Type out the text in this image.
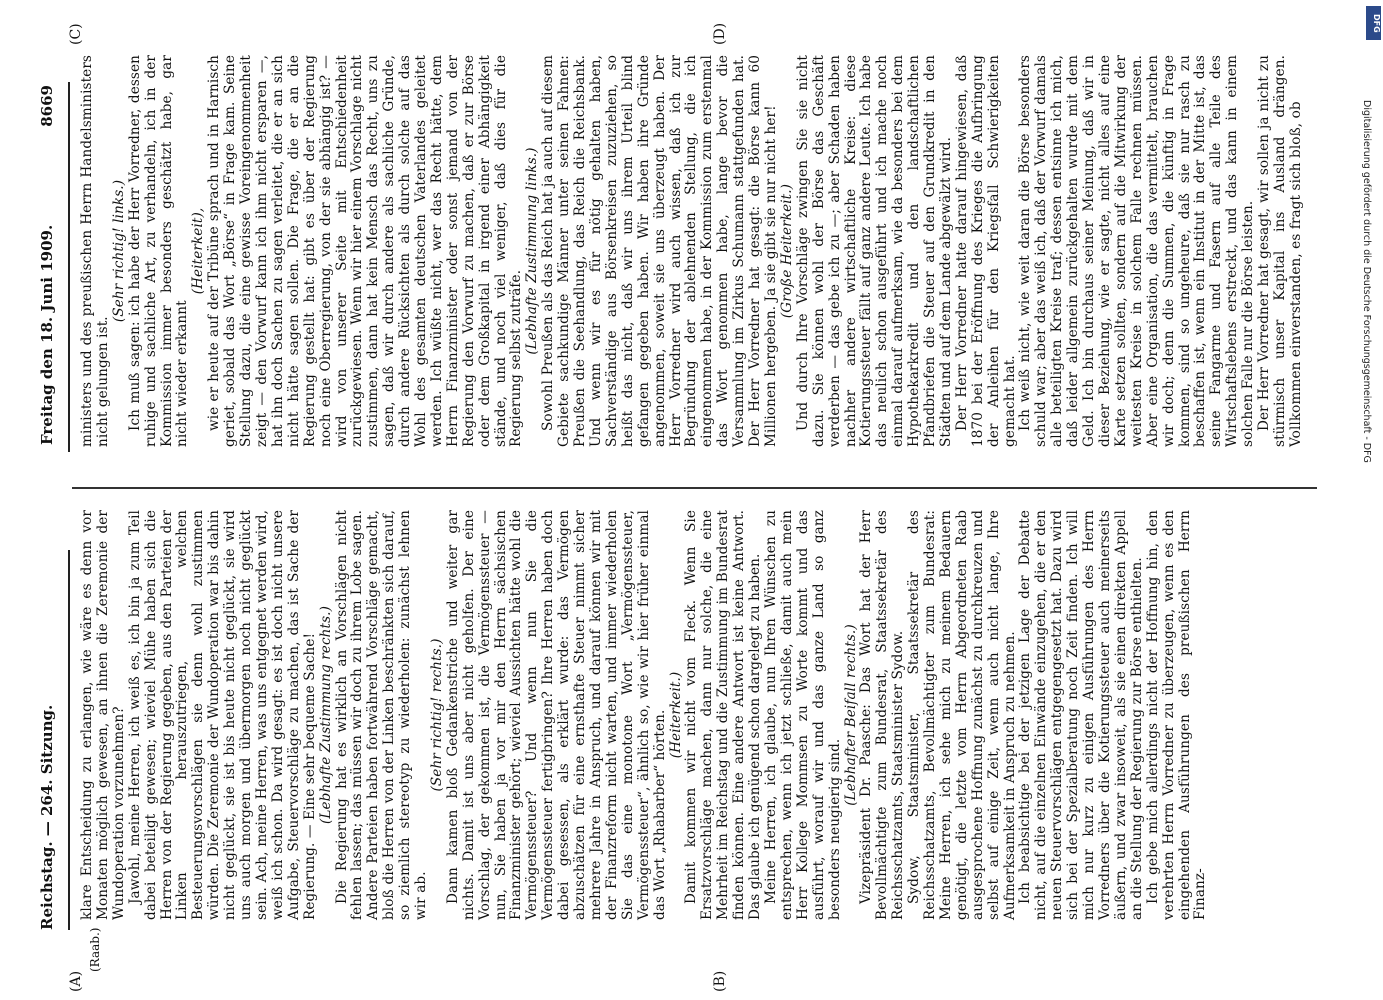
Reichstag. — 264. Sitzung.
Freitag den 18. Juni 1909.
8669
(A)	(B)
(C)	(D)
(Raab.)

klare Entscheidung zu erlangen, wie wäre es denn vor Monaten möglich gewesen, an ihnen die Zeremonie der Wundoperation vorzunehmen? Jawohl, meine Herren, ich weiß es, ich bin ja zum Teil dabei beteiligt gewesen; wieviel Mühe haben sich die Herren von der Regierung gegeben, aus den Parteien der Linken herauszutriegen, welchen Besteuerungsvorschlägen sie denn wohl zustimmen würden. Die Zeremonie der Wundoperation war bis dahin nicht geglückt, sie ist bis heute nicht geglückt, sie wird uns auch morgen und übermorgen noch nicht geglückt sein. Ach, meine Herren, was uns entgegnet werden wird, weiß ich schon. Da wird gesagt: es ist doch nicht unsere Aufgabe, Steuervorschläge zu machen, das ist Sache der Regierung. — Eine sehr bequeme Sache! (Lebhafte Zustimmung rechts.) Die Regierung hat es wirklich an Vorschlägen nicht fehlen lassen; das müssen wir doch zu ihrem Lobe sagen. Andere Parteien haben fortwährend Vorschläge gemacht, bloß die Herren von der Linken beschränkten sich darauf, so ziemlich stereotyp zu wiederholen: zunächst lehnen wir ab.

(Sehr richtig! rechts.) Dann kamen bloß Gedankenstriche und weiter gar nichts. Damit ist uns aber nicht geholfen. Der eine Vorschlag, der gekommen ist, die Vermögenssteuer — nun, Sie haben ja vor mir den Herrn sächsischen Finanzminister gehört; wieviel Aussichten hätte wohl die Vermögenssteuer? Und wenn nun Sie die Vermögenssteuer fertigbringen? Ihre Herren haben doch dabei gesessen, als erklärt wurde: das Vermögen abzuschätzen für eine ernsthafte Steuer nimmt sicher mehrere Jahre in Anspruch, und darauf können wir mit der Finanzreform nicht warten, und immer wiederholen Sie das eine monotone Wort „Vermögenssteuer, Vermögenssteuer“, ähnlich so, wie wir hier früher einmal das Wort „Rhabarber“ hörten. (Heiterkeit.) Damit kommen wir nicht vom Fleck. Wenn Sie Ersatzvorschläge machen, dann nur solche, die eine Mehrheit im Reichstag und die Zustimmung im Bundesrat finden können. Eine andere Antwort ist keine Antwort. Das glaube ich genügend schon dargelegt zu haben. Meine Herren, ich glaube, nun Ihren Wünschen zu entsprechen, wenn ich jetzt schließe, damit auch mein Herr Kollege Mommsen zu Worte kommt und das ausführt, worauf wir und das ganze Land so ganz besonders neugierig sind.

(Lebhafter Beifall rechts.) Vizepräsident Dr. Paasche: Das Wort hat der Herr Bevollmächtigte zum Bundesrat, Staatssekretär des Reichsschatzamts, Staatsminister Sydow. Sydow, Staatsminister, Staatssekretär des Reichsschatzamts, Bevollmächtigter zum Bundesrat: Meine Herren, ich sehe mich zu meinem Bedauern genötigt, die letzte vom Herrn Abgeordneten Raab ausgesprochene Hoffnung zunächst zu durchkreuzen und selbst auf einige Zeit, wenn auch nicht lange, Ihre Aufmerksamkeit in Anspruch zu nehmen. Ich beabsichtige bei der jetzigen Lage der Debatte nicht, auf die einzelnen Einwände einzugehen, die er den neuen Steuervorschlägen entgegengesetzt hat. Dazu wird sich bei der Spezialberatung noch Zeit finden. Ich will mich nur kurz zu einigen Ausführungen des Herrn Vorredners über die Kotierungssteuer auch meinerseits äußern, und zwar insoweit, als sie einen direkten Appell an die Stellung der Regierung zur Börse enthielten. Ich gebe mich allerdings nicht der Hoffnung hin, den verehrten Herrn Vorredner zu überzeugen, wenn es den eingehenden Ausführungen des preußischen Herrn Finanz-

ministers und des preußischen Herrn Handelsministers nicht gelungen ist.

(Sehr richtig! links.) Ich muß sagen: ich habe der Herr Vorredner, dessen ruhige und sachliche Art, zu verhandeln, ich in der Kommission immer besonders geschätzt habe, gar nicht wieder erkannt

(Heiterkeit), wie er heute auf der Tribüne sprach und in Harnisch geriet, sobald das Wort „Börse“ in Frage kam. Seine Stellung dazu, die eine gewisse Voreingenommenheit zeigt — den Vorwurf kann ich ihm nicht ersparen —, hat ihn doch Sachen zu sagen verleitet, die er an sich nicht hätte sagen sollen. Die Frage, die er an die Regierung gestellt hat: gibt es über der Regierung noch eine Oberregierung, von der sie abhängig ist? — wird von unserer Seite mit Entschiedenheit zurückgewiesen. Wenn wir hier einem Vorschlage nicht zustimmen, dann hat kein Mensch das Recht, uns zu sagen, daß wir durch andere als sachliche Gründe, durch andere Rücksichten als durch solche auf das Wohl des gesamten deutschen Vaterlandes geleitet werden. Ich wüßte nicht, wer das Recht hätte, dem Herrn Finanzminister oder sonst jemand von der Regierung den Vorwurf zu machen, daß er zur Börse oder dem Großkapital in irgend einer Abhängigkeit stände, und noch viel weniger, daß dies für die Regierung selbst zuträfe.

(Lebhafte Zustimmung links.) Sowohl Preußen als das Reich hat ja auch auf diesem Gebiete sachkundige Männer unter seinen Fahnen: Preußen die Seehandlung, das Reich die Reichsbank. Und wenn wir es für nötig gehalten haben, Sachverständige aus Börsenkreisen zuzuziehen, so heißt das nicht, daß wir uns ihrem Urteil blind gefangen gegeben haben. Wir haben ihre Gründe angenommen, soweit sie uns überzeugt haben. Der Herr Vorredner wird auch wissen, daß ich zur Begründung der ablehnenden Stellung, die ich eingenommen habe, in der Kommission zum erstenmal das Wort genommen habe, lange bevor die Versammlung im Zirkus Schumann stattgefunden hat. Der Herr Vorredner hat gesagt: die Börse kann 60 Millionen hergeben. Ja sie gibt sie nur nicht her! (Große Heiterkeit.) Und durch Ihre Vorschläge zwingen Sie sie nicht dazu. Sie können wohl der Börse das Geschäft verderben — das gebe ich zu —; aber Schaden haben nachher andere wirtschaftliche Kreise: diese Kotierungssteuer fällt auf ganz andere Leute. Ich habe das neulich schon ausgeführt und ich mache noch einmal darauf aufmerksam, wie da besonders bei dem Hypothekarkredit und den landschaftlichen Pfandbriefen die Steuer auf den Grundkredit in den Städten und auf dem Lande abgewälzt wird. Der Herr Vorredner hatte darauf hingewiesen, daß 1870 bei der Eröffnung des Krieges die Aufbringung der Anleihen für den Kriegsfall Schwierigkeiten gemacht hat. Ich weiß nicht, wie weit daran die Börse besonders schuld war; aber das weiß ich, daß der Vorwurf damals alle beteiligten Kreise traf; dessen entsinne ich mich, daß leider allgemein zurückgehalten wurde mit dem Geld. Ich bin durchaus seiner Meinung, daß wir in dieser Beziehung, wie er sagte, nicht alles auf eine Karte setzen sollten, sondern auf die Mitwirkung der weitesten Kreise in solchem Falle rechnen müssen. Aber eine Organisation, die das vermittelt, brauchen wir doch; denn die Summen, die künftig in Frage kommen, sind so ungeheure, daß sie nur rasch zu beschaffen ist, wenn ein Institut in der Mitte ist, das seine Fangarme und Fasern auf alle Teile des Wirtschaftslebens erstreckt, und das kann in einem solchen Falle nur die Börse leisten. Der Herr Vorredner hat gesagt, wir sollen ja nicht zu stürmisch unser Kapital ins Ausland drängen. Vollkommen einverstanden, es fragt sich bloß, ob

DFG
Digitalisierung gefördert durch die Deutsche Forschungsgemeinschaft - DFG
